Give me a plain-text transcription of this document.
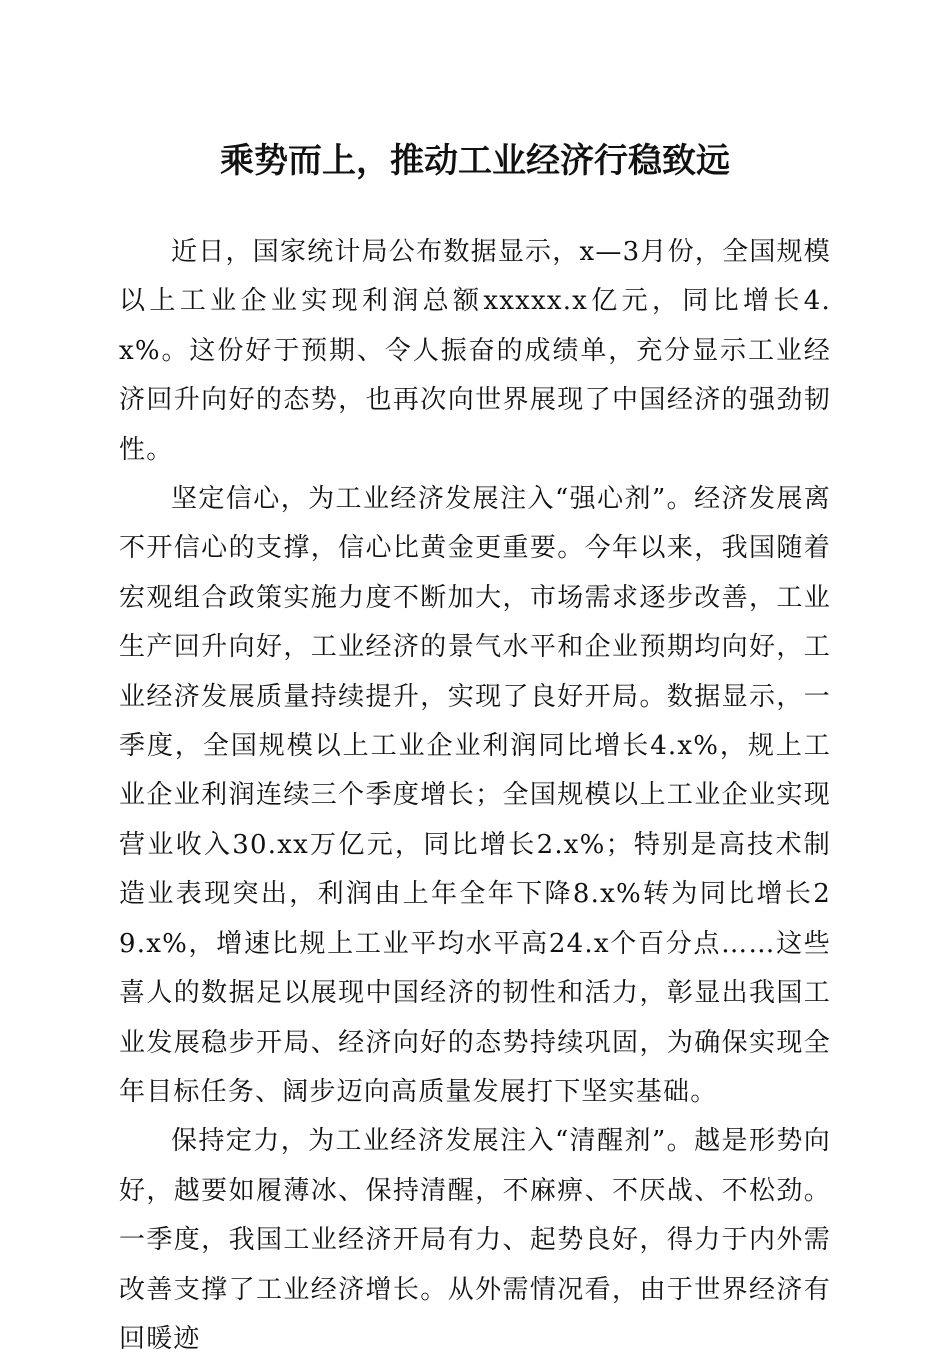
乘势而上，推动工业经济行稳致远

近日，国家统计局公布数据显示，x—3月份，全国规模以上工业企业实现利润总额xxxxx.x亿元，同比增长4.x%。这份好于预期、令人振奋的成绩单，充分显示工业经济回升向好的态势，也再次向世界展现了中国经济的强劲韧性。

坚定信心，为工业经济发展注入“强心剂”。经济发展离不开信心的支撑，信心比黄金更重要。今年以来，我国随着宏观组合政策实施力度不断加大，市场需求逐步改善，工业生产回升向好，工业经济的景气水平和企业预期均向好，工业经济发展质量持续提升，实现了良好开局。数据显示，一季度，全国规模以上工业企业利润同比增长4.x%，规上工业企业利润连续三个季度增长；全国规模以上工业企业实现营业收入30.xx万亿元，同比增长2.x%；特别是高技术制造业表现突出，利润由上年全年下降8.x%转为同比增长29.x%，增速比规上工业平均水平高24.x个百分点……这些喜人的数据足以展现中国经济的韧性和活力，彰显出我国工业发展稳步开局、经济向好的态势持续巩固，为确保实现全年目标任务、阔步迈向高质量发展打下坚实基础。

保持定力，为工业经济发展注入“清醒剂”。越是形势向好，越要如履薄冰、保持清醒，不麻痹、不厌战、不松劲。一季度，我国工业经济开局有力、起势良好，得力于内外需改善支撑了工业经济增长。从外需情况看，由于世界经济有回暖迹
